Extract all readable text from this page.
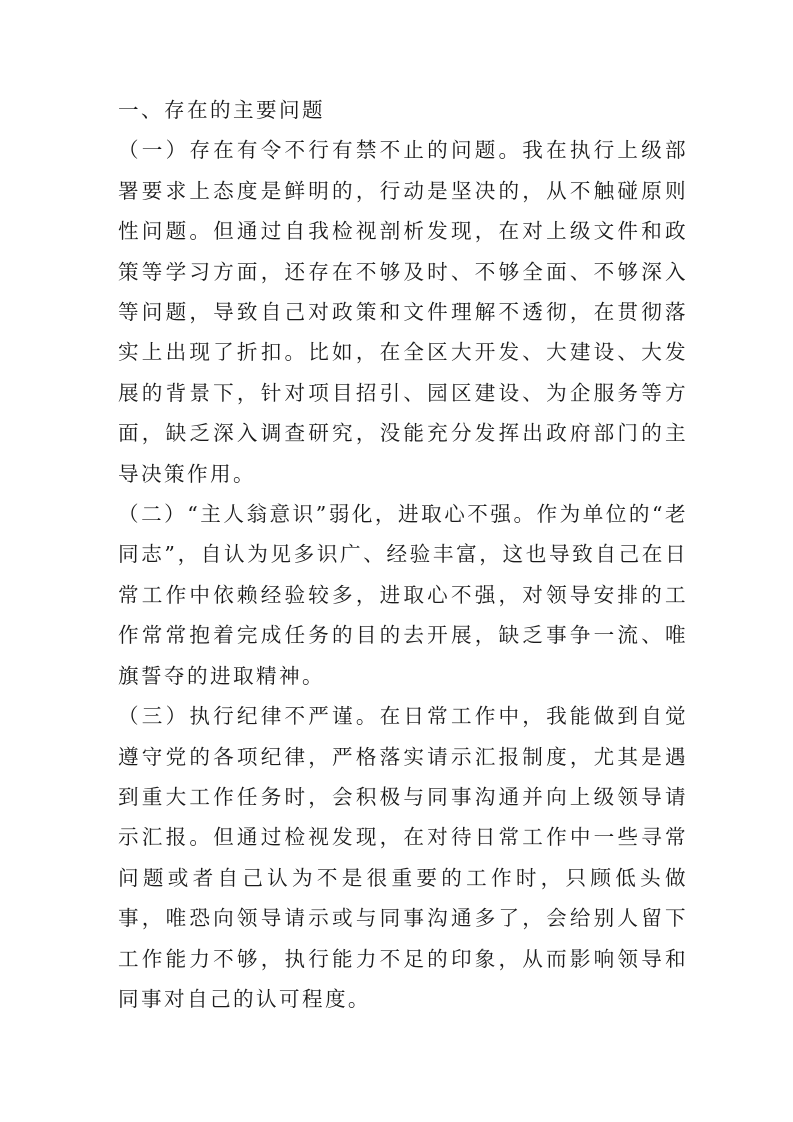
一、存在的主要问题

（一）存在有令不行有禁不止的问题。我在执行上级部署要求上态度是鲜明的，行动是坚决的，从不触碰原则性问题。但通过自我检视剖析发现，在对上级文件和政策等学习方面，还存在不够及时、不够全面、不够深入等问题，导致自己对政策和文件理解不透彻，在贯彻落实上出现了折扣。比如，在全区大开发、大建设、大发展的背景下，针对项目招引、园区建设、为企服务等方面，缺乏深入调查研究，没能充分发挥出政府部门的主导决策作用。

（二）“主人翁意识”弱化，进取心不强。作为单位的“老同志”，自认为见多识广、经验丰富，这也导致自己在日常工作中依赖经验较多，进取心不强，对领导安排的工作常常抱着完成任务的目的去开展，缺乏事争一流、唯旗誓夺的进取精神。

（三）执行纪律不严谨。在日常工作中，我能做到自觉遵守党的各项纪律，严格落实请示汇报制度，尤其是遇到重大工作任务时，会积极与同事沟通并向上级领导请示汇报。但通过检视发现，在对待日常工作中一些寻常问题或者自己认为不是很重要的工作时，只顾低头做事，唯恐向领导请示或与同事沟通多了，会给别人留下工作能力不够，执行能力不足的印象，从而影响领导和同事对自己的认可程度。
